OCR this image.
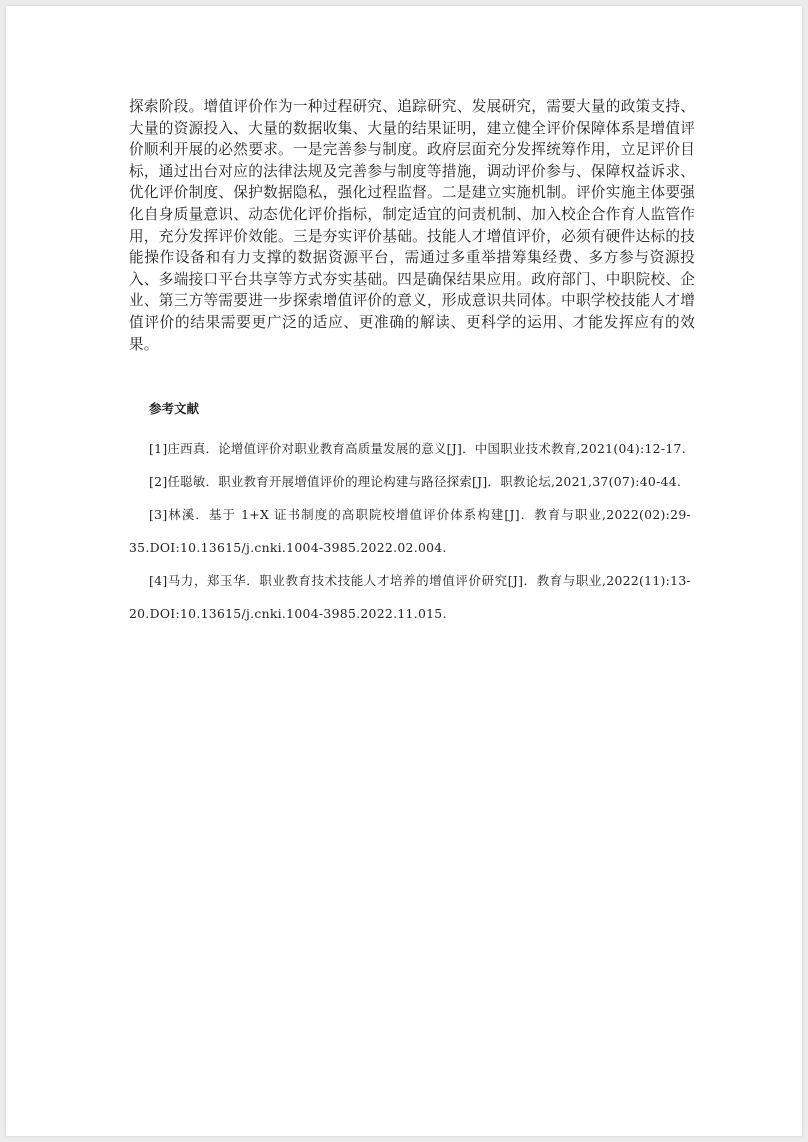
探索阶段。增值评价作为一种过程研究、追踪研究、发展研究，需要大量的政策支持、大量的资源投入、大量的数据收集、大量的结果证明，建立健全评价保障体系是增值评价顺利开展的必然要求。一是完善参与制度。政府层面充分发挥统筹作用，立足评价目标，通过出台对应的法律法规及完善参与制度等措施，调动评价参与、保障权益诉求、优化评价制度、保护数据隐私，强化过程监督。二是建立实施机制。评价实施主体要强化自身质量意识、动态优化评价指标，制定适宜的问责机制、加入校企合作育人监管作用，充分发挥评价效能。三是夯实评价基础。技能人才增值评价，必须有硬件达标的技能操作设备和有力支撑的数据资源平台，需通过多重举措筹集经费、多方参与资源投入、多端接口平台共享等方式夯实基础。四是确保结果应用。政府部门、中职院校、企业、第三方等需要进一步探索增值评价的意义，形成意识共同体。中职学校技能人才增值评价的结果需要更广泛的适应、更准确的解读、更科学的运用、才能发挥应有的效果。

参考文献
[1]庄西真．论增值评价对职业教育高质量发展的意义[J]．中国职业技术教育,2021(04):12-17.
[2]任聪敏．职业教育开展增值评价的理论构建与路径探索[J]．职教论坛,2021,37(07):40-44.
[3]林溪．基于 1+X 证书制度的高职院校增值评价体系构建[J]．教育与职业,2022(02):29-35.DOI:10.13615/j.cnki.1004-3985.2022.02.004.
[4]马力，郑玉华．职业教育技术技能人才培养的增值评价研究[J]．教育与职业,2022(11):13-20.DOI:10.13615/j.cnki.1004-3985.2022.11.015.
